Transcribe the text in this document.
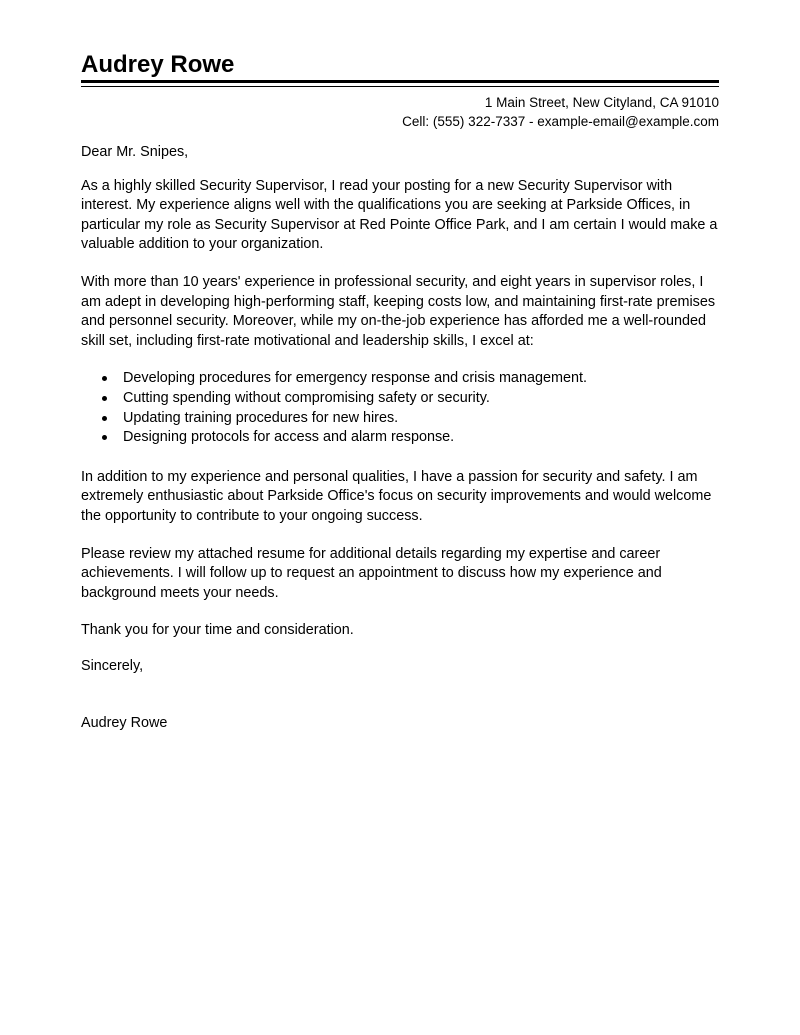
Audrey Rowe
1 Main Street, New Cityland, CA 91010
Cell: (555) 322-7337 - example-email@example.com

Dear Mr. Snipes,

As a highly skilled Security Supervisor, I read your posting for a new Security Supervisor with interest. My experience aligns well with the qualifications you are seeking at Parkside Offices, in particular my role as Security Supervisor at Red Pointe Office Park, and I am certain I would make a valuable addition to your organization.

With more than 10 years' experience in professional security, and eight years in supervisor roles, I am adept in developing high-performing staff, keeping costs low, and maintaining first-rate premises and personnel security. Moreover, while my on-the-job experience has afforded me a well-rounded skill set, including first-rate motivational and leadership skills, I excel at:

Developing procedures for emergency response and crisis management.
Cutting spending without compromising safety or security.
Updating training procedures for new hires.
Designing protocols for access and alarm response.

In addition to my experience and personal qualities, I have a passion for security and safety. I am extremely enthusiastic about Parkside Office's focus on security improvements and would welcome the opportunity to contribute to your ongoing success.

Please review my attached resume for additional details regarding my expertise and career achievements. I will follow up to request an appointment to discuss how my experience and background meets your needs.

Thank you for your time and consideration.

Sincerely,

Audrey Rowe
